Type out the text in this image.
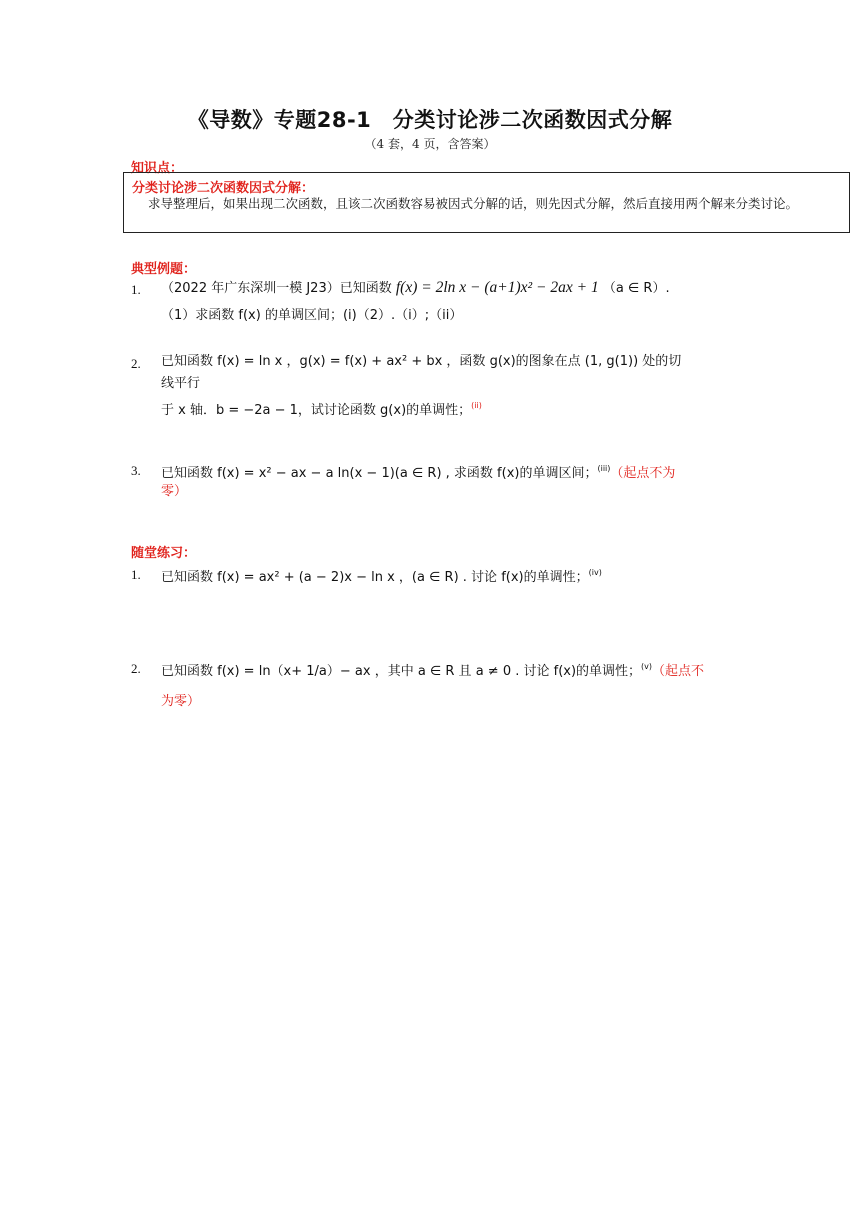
《导数》专题28-1　分类讨论涉二次函数因式分解
（4 套，4 页，含答案）
知识点：
分类讨论涉二次函数因式分解：
求导整理后，如果出现二次函数，且该二次函数容易被因式分解的话，则先因式分解，然后直接用两个解来分类讨论。
典型例题：
1. （2022 年广东深圳一模 J23）已知函数 f(x) = 2ln x − (a+1)x² − 2ax + 1 （a ∈ R）.
（1）求函数 f(x) 的单调区间；(i)（2）.（i）;（ii）
2. 已知函数 f(x) = ln x ，g(x) = f(x) + ax² + bx ，函数 g(x)的图象在点 (1, g(1)) 处的切
线平行
于 x 轴．b = −2a − 1，试讨论函数 g(x)的单调性；$^{(ii)}$
3. 已知函数 f(x) = x² − ax − a ln(x − 1)(a ∈ R) , 求函数 f(x)的单调区间；$^{(iii)}$（起点不为
零）
随堂练习：
1. 已知函数 f(x) = ax² + (a − 2)x − ln x ，(a ∈ R) . 讨论 f(x)的单调性；$^{(iv)}$
2. 已知函数 f(x) = ln（x+ 1/a）− ax ，其中 a ∈ R 且 a ≠ 0 . 讨论 f(x)的单调性；$^{(v)}$（起点不
为零）
